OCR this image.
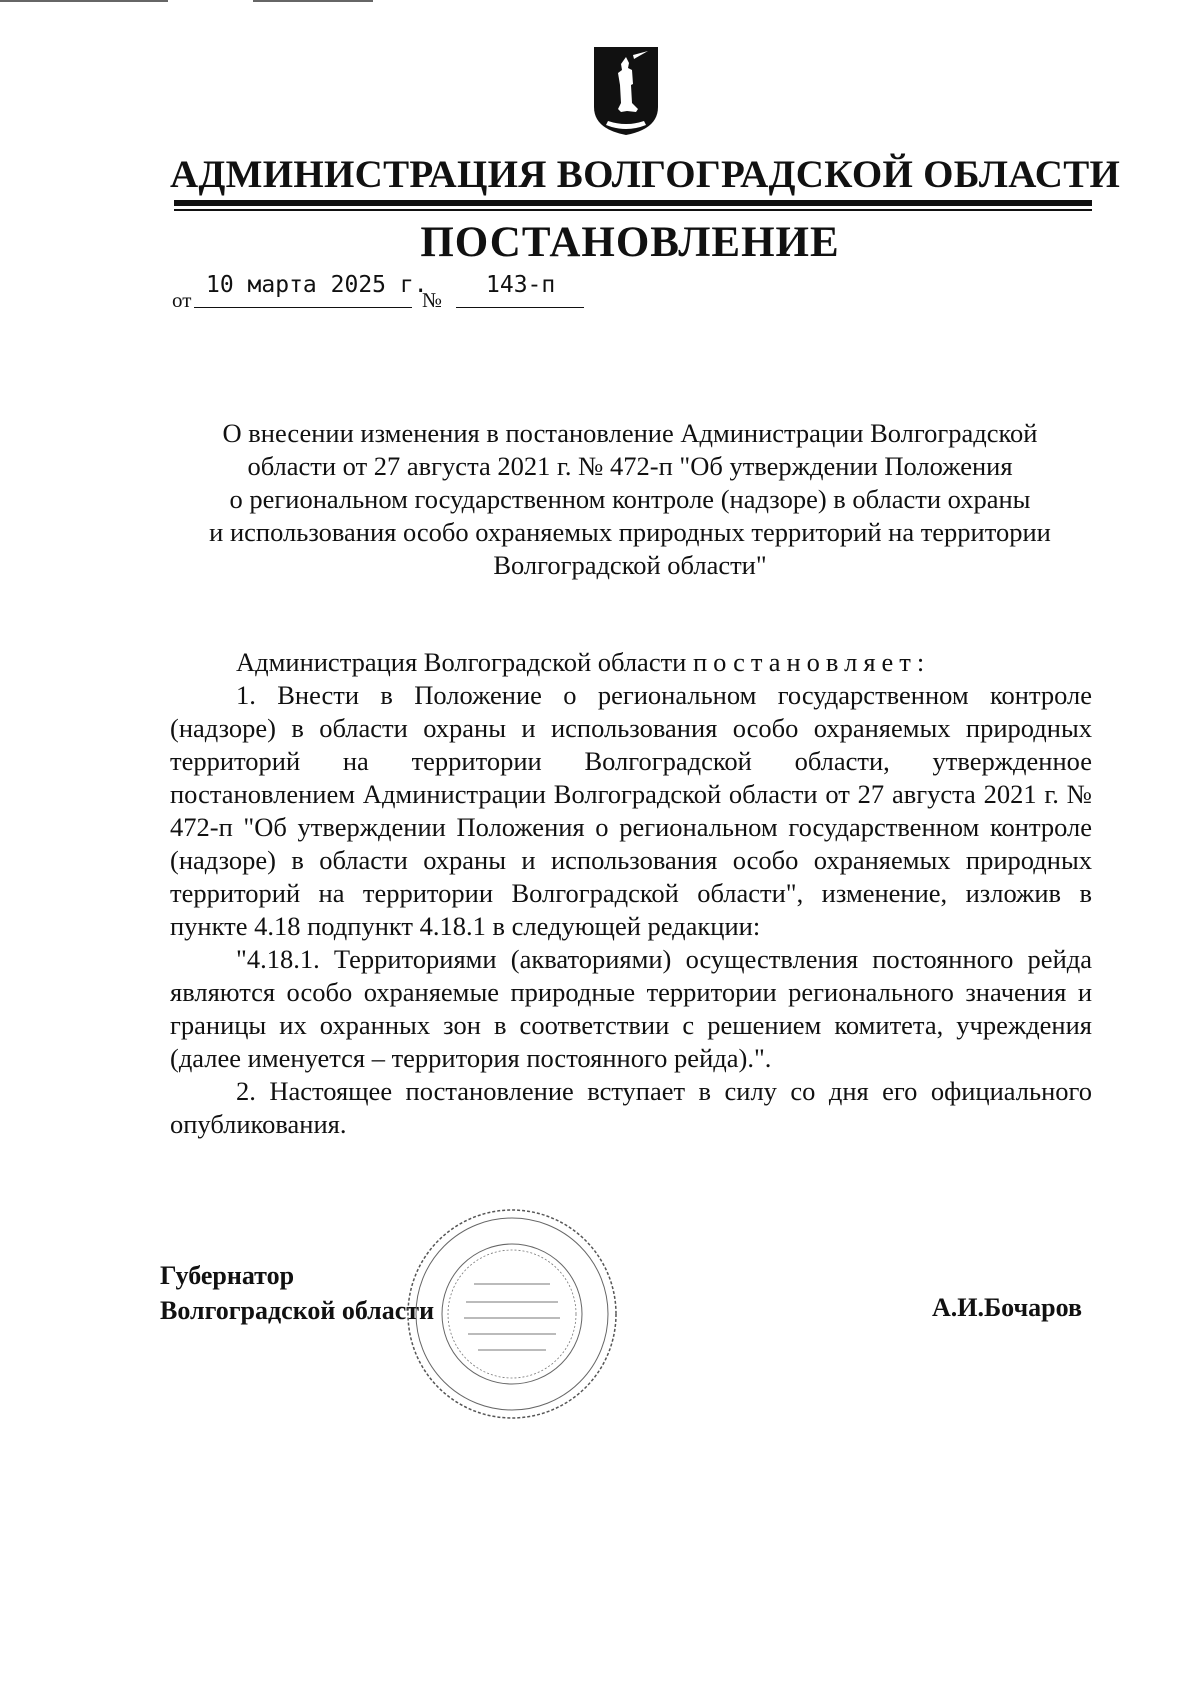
АДМИНИСТРАЦИЯ ВОЛГОГРАДСКОЙ ОБЛАСТИ
ПОСТАНОВЛЕНИЕ
от
10 марта 2025 г.
№
143-п
О внесении изменения в постановление Администрации Волгоградской
области от 27 августа 2021 г. № 472-п "Об утверждении Положения
о региональном государственном контроле (надзоре) в области охраны
и использования особо охраняемых природных территорий на территории
Волгоградской области"

Администрация Волгоградской области постановляет:

1. Внести в Положение о региональном государственном контроле (надзоре) в области охраны и использования особо охраняемых природных территорий на территории Волгоградской области, утвержденное постановлением Администрации Волгоградской области от 27 августа 2021 г. № 472-п "Об утверждении Положения о региональном государственном контроле (надзоре) в области охраны и использования особо охраняемых природных территорий на территории Волгоградской области", изменение, изложив в пункте 4.18 подпункт 4.18.1 в следующей редакции:

"4.18.1. Территориями (акваториями) осуществления постоянного рейда являются особо охраняемые природные территории регионального значения и границы их охранных зон в соответствии с решением комитета, учреждения (далее именуется – территория постоянного рейда).".

2. Настоящее постановление вступает в силу со дня его официального опубликования.

Губернатор
Волгоградской области	А.И.Бочаров
